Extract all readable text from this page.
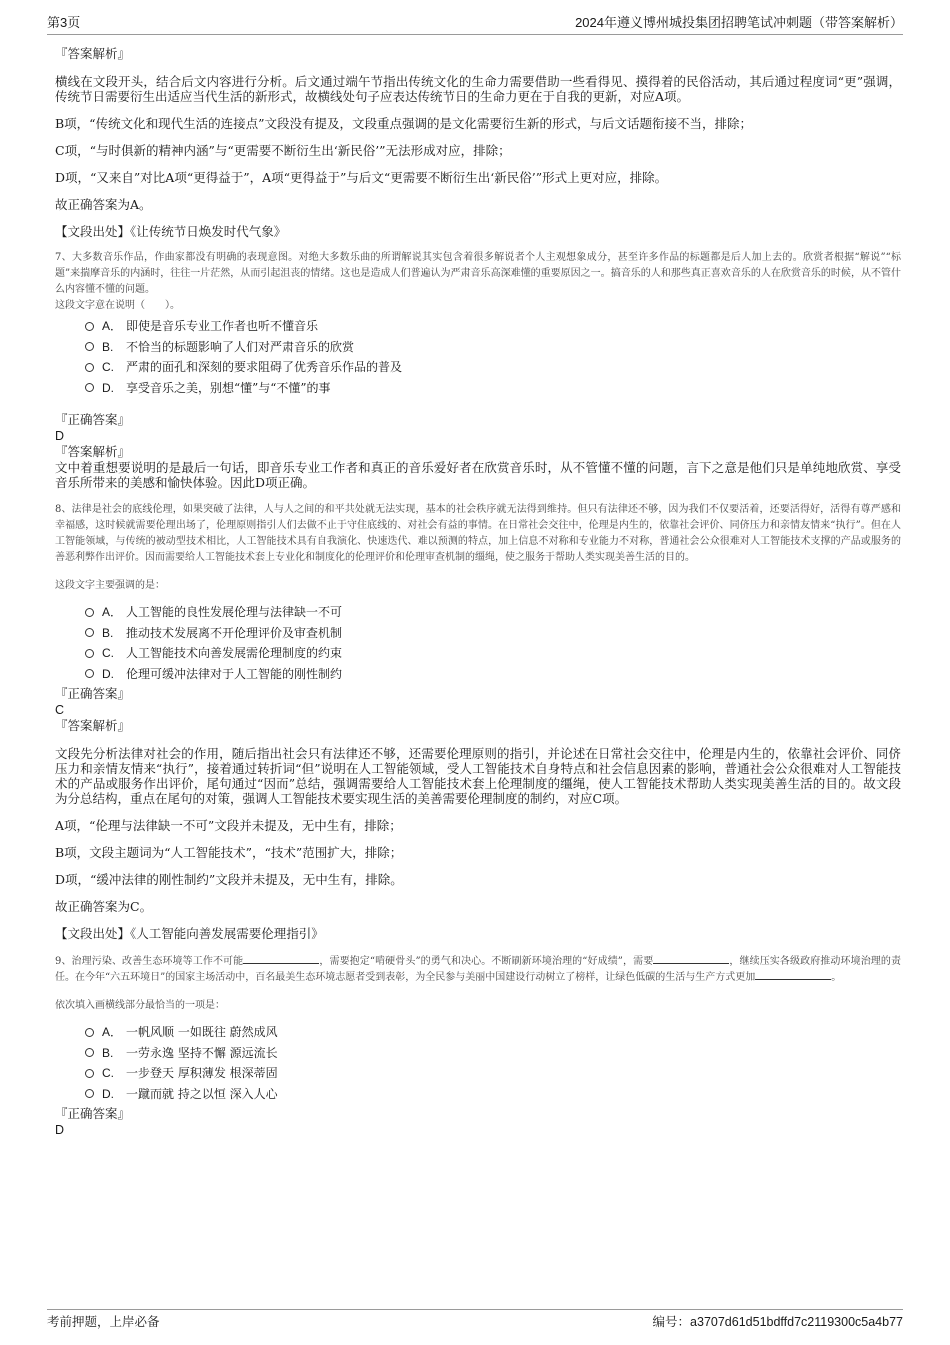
第3页	2024年遵义博州城投集团招聘笔试冲刺题（带答案解析）

『答案解析』

横线在文段开头，结合后文内容进行分析。后文通过端午节指出传统文化的生命力需要借助一些看得见、摸得着的民俗活动，其后通过程度词“更”强调，传统节日需要衍生出适应当代生活的新形式，故横线处句子应表达传统节日的生命力更在于自我的更新，对应A项。

B项，“传统文化和现代生活的连接点”文段没有提及，文段重点强调的是文化需要衍生新的形式，与后文话题衔接不当，排除；

C项，“与时俱新的精神内涵”与“更需要不断衍生出‘新民俗’”无法形成对应，排除；

D项，“又来自”对比A项“更得益于”，A项“更得益于”与后文“更需要不断衍生出‘新民俗’”形式上更对应，排除。

故正确答案为A。

【文段出处】《让传统节日焕发时代气象》

7、大多数音乐作品，作曲家都没有明确的表现意图。对绝大多数乐曲的所谓解说其实包含着很多解说者个人主观想象成分，甚至许多作品的标题都是后人加上去的。欣赏者根据“解说”“标题”来揣摩音乐的内涵时，往往一片茫然，从而引起沮丧的情绪。这也是造成人们普遍认为严肃音乐高深难懂的重要原因之一。搞音乐的人和那些真正喜欢音乐的人在欣赏音乐的时候，从不管什么内容懂不懂的问题。

这段文字意在说明（　　）。

A． 即使是音乐专业工作者也听不懂音乐
B.	不恰当的标题影响了人们对严肃音乐的欣赏
C.	严肃的面孔和深刻的要求阻碍了优秀音乐作品的普及
D.	享受音乐之美，别想“懂”与“不懂”的事

『正确答案』

D

『答案解析』

文中着重想要说明的是最后一句话，即音乐专业工作者和真正的音乐爱好者在欣赏音乐时，从不管懂不懂的问题，言下之意是他们只是单纯地欣赏、享受音乐所带来的美感和愉快体验。因此D项正确。

8、法律是社会的底线伦理，如果突破了法律，人与人之间的和平共处就无法实现，基本的社会秩序就无法得到维持。但只有法律还不够，因为我们不仅要活着，还要活得好，活得有尊严感和幸福感，这时候就需要伦理出场了，伦理原则指引人们去做不止于守住底线的、对社会有益的事情。在日常社会交往中，伦理是内生的，依靠社会评价、同侪压力和亲情友情来“执行”。但在人工智能领域，与传统的被动型技术相比，人工智能技术具有自我演化、快速迭代、难以预测的特点，加上信息不对称和专业能力不对称，普通社会公众很难对人工智能技术支撑的产品或服务的善恶利弊作出评价。因而需要给人工智能技术套上专业化和制度化的伦理评价和伦理审查机制的缰绳，使之服务于帮助人类实现美善生活的目的。

这段文字主要强调的是：

A． 人工智能的良性发展伦理与法律缺一不可
B.	推动技术发展离不开伦理评价及审查机制
C.	人工智能技术向善发展需伦理制度的约束
D.	伦理可缓冲法律对于人工智能的刚性制约

『正确答案』

C

『答案解析』

文段先分析法律对社会的作用，随后指出社会只有法律还不够，还需要伦理原则的指引，并论述在日常社会交往中，伦理是内生的，依靠社会评价、同侪压力和亲情友情来“执行”，接着通过转折词“但”说明在人工智能领域，受人工智能技术自身特点和社会信息因素的影响，普通社会公众很难对人工智能技术的产品或服务作出评价，尾句通过“因而”总结，强调需要给人工智能技术套上伦理制度的缰绳，使人工智能技术帮助人类实现美善生活的目的。故文段为分总结构，重点在尾句的对策，强调人工智能技术要实现生活的美善需要伦理制度的制约，对应C项。

A项，“伦理与法律缺一不可”文段并未提及，无中生有，排除；

B项，文段主题词为“人工智能技术”，“技术”范围扩大，排除；

D项，“缓冲法律的刚性制约”文段并未提及，无中生有，排除。

故正确答案为C。

【文段出处】《人工智能向善发展需要伦理指引》

9、治理污染、改善生态环境等工作不可能	，需要抱定“啃硬骨头”的勇气和决心。不断刷新环境治理的“好成绩”，需要	，继续压实各级政府推动环境治理的责任。在今年“六五环境日”的国家主场活动中，百名最美生态环境志愿者受到表彰，为全民参与美丽中国建设行动树立了榜样，让绿色低碳的生活与生产方式更加	。

依次填入画横线部分最恰当的一项是：

A． 一帆风顺 一如既往 蔚然成风
B.	一劳永逸 坚持不懈 源远流长
C.	一步登天 厚积薄发 根深蒂固
D.	一蹴而就 持之以恒 深入人心

『正确答案』

D

考前押题，上岸必备	编号：a3707d61d51bdffd7c2119300c5a4b77
